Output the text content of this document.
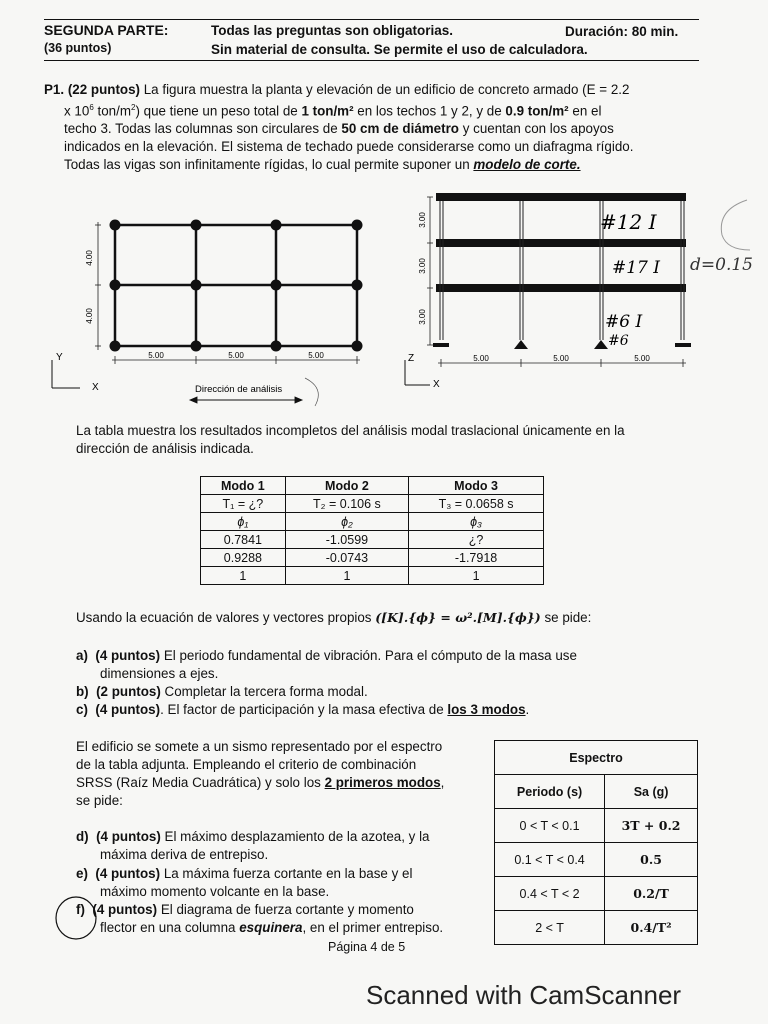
SEGUNDA PARTE:
(36 puntos)
Todas las preguntas son obligatorias.
Sin material de consulta. Se permite el uso de calculadora.
Duración: 80 min.
P1. (22 puntos) La figura muestra la planta y elevación de un edificio de concreto armado (E = 2.2
x $10^6$ ton/$m^2$) que tiene un peso total de 1 ton/m² en los techos 1 y 2, y de 0.9 ton/m² en el
techo 3. Todas las columnas son circulares de 50 cm de diámetro y cuentan con los apoyos
indicados en la elevación. El sistema de techado puede considerarse como un diafragma rígido.
Todas las vigas son infinitamente rígidas, lo cual permite suponer un modelo de corte.
4.00
4.00
5.00	5.00	5.00
Y
X	Dirección de análisis
3.00
3.00
3.00
5.00	5.00	5.00
Z
X
#12 I
#17 I
#6 I
#6
d=0.15
La tabla muestra los resultados incompletos del análisis modal traslacional únicamente en la
dirección de análisis indicada.
Modo 1	Modo 2	Modo 3
T₁ = ¿?	T₂ = 0.106 s	T₃ = 0.0658 s
ϕ₁	ϕ₂	ϕ₃
0.7841	-1.0599	¿?
0.9288	-0.0743	-1.7918
1	1	1
Usando la ecuación de valores y vectores propios ([K].{ϕ} = ω².[M].{ϕ}) se pide:
a) (4 puntos) El periodo fundamental de vibración. Para el cómputo de la masa use
dimensiones a ejes.
b) (2 puntos) Completar la tercera forma modal.
c) (4 puntos). El factor de participación y la masa efectiva de los 3 modos.
El edificio se somete a un sismo representado por el espectro
de la tabla adjunta. Empleando el criterio de combinación
SRSS (Raíz Media Cuadrática) y solo los 2 primeros modos,
se pide:
d) (4 puntos) El máximo desplazamiento de la azotea, y la
máxima deriva de entrepiso.
e) (4 puntos) La máxima fuerza cortante en la base y el
máximo momento volcante en la base.
f) (4 puntos) El diagrama de fuerza cortante y momento
flector en una columna esquinera, en el primer entrepiso.
Espectro	
Periodo (s)	Sa (g)
0 < T < 0.1	3T + 0.2
0.1 < T < 0.4	0.5
0.4 < T < 2	0.2/T
2 < T	0.4/T²
Página 4 de 5
Scanned with CamScanner
